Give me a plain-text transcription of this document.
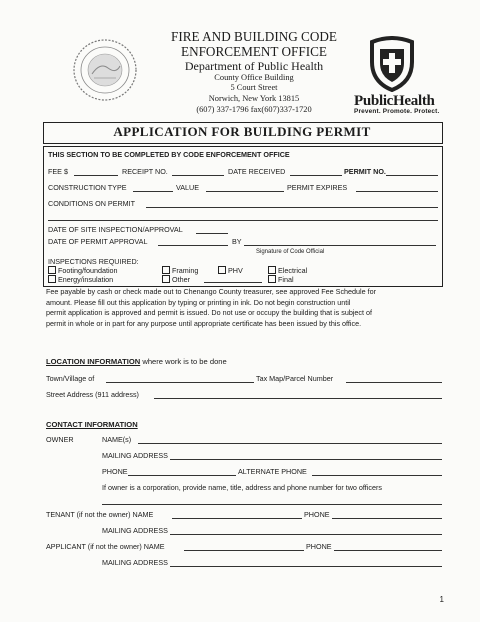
FIRE AND BUILDING CODE
ENFORCEMENT OFFICE
Department of Public Health
County Office Building
5 Court Street
Norwich, New York 13815
(607) 337-1796 fax(607)337-1720
PublicHealth
Prevent. Promote. Protect.
APPLICATION FOR BUILDING PERMIT
THIS SECTION TO BE COMPLETED BY CODE ENFORCEMENT OFFICE
FEE $	RECEIPT NO.	DATE RECEIVED	PERMIT NO.
CONSTRUCTION TYPE	VALUE	PERMIT EXPIRES
CONDITIONS ON PERMIT
DATE OF SITE INSPECTION/APPROVAL
DATE OF PERMIT APPROVAL	BY
Signature of Code Official
INSPECTIONS REQUIRED:
Footing/foundation	Framing	PHV	Electrical
Energy/insulation	Other	Final
Fee payable by cash or check made out to Chenango County treasurer, see approved Fee Schedule for
amount. Please fill out this application by typing or printing in ink. Do not begin construction until
permit application is approved and permit is issued. Do not use or occupy the building that is subject of
permit in whole or in part for any purpose until appropriate certificate has been issued by this office.
LOCATION INFORMATION where work is to be done
Town/Village of	Tax Map/Parcel Number
Street Address (911 address)
CONTACT INFORMATION
OWNER	NAME(s)
MAILING ADDRESS
PHONE	ALTERNATE PHONE
If owner is a corporation, provide name, title, address and phone number for two officers
TENANT (if not the owner) NAME	PHONE
MAILING ADDRESS
APPLICANT (if not the owner) NAME	PHONE
MAILING ADDRESS
1
